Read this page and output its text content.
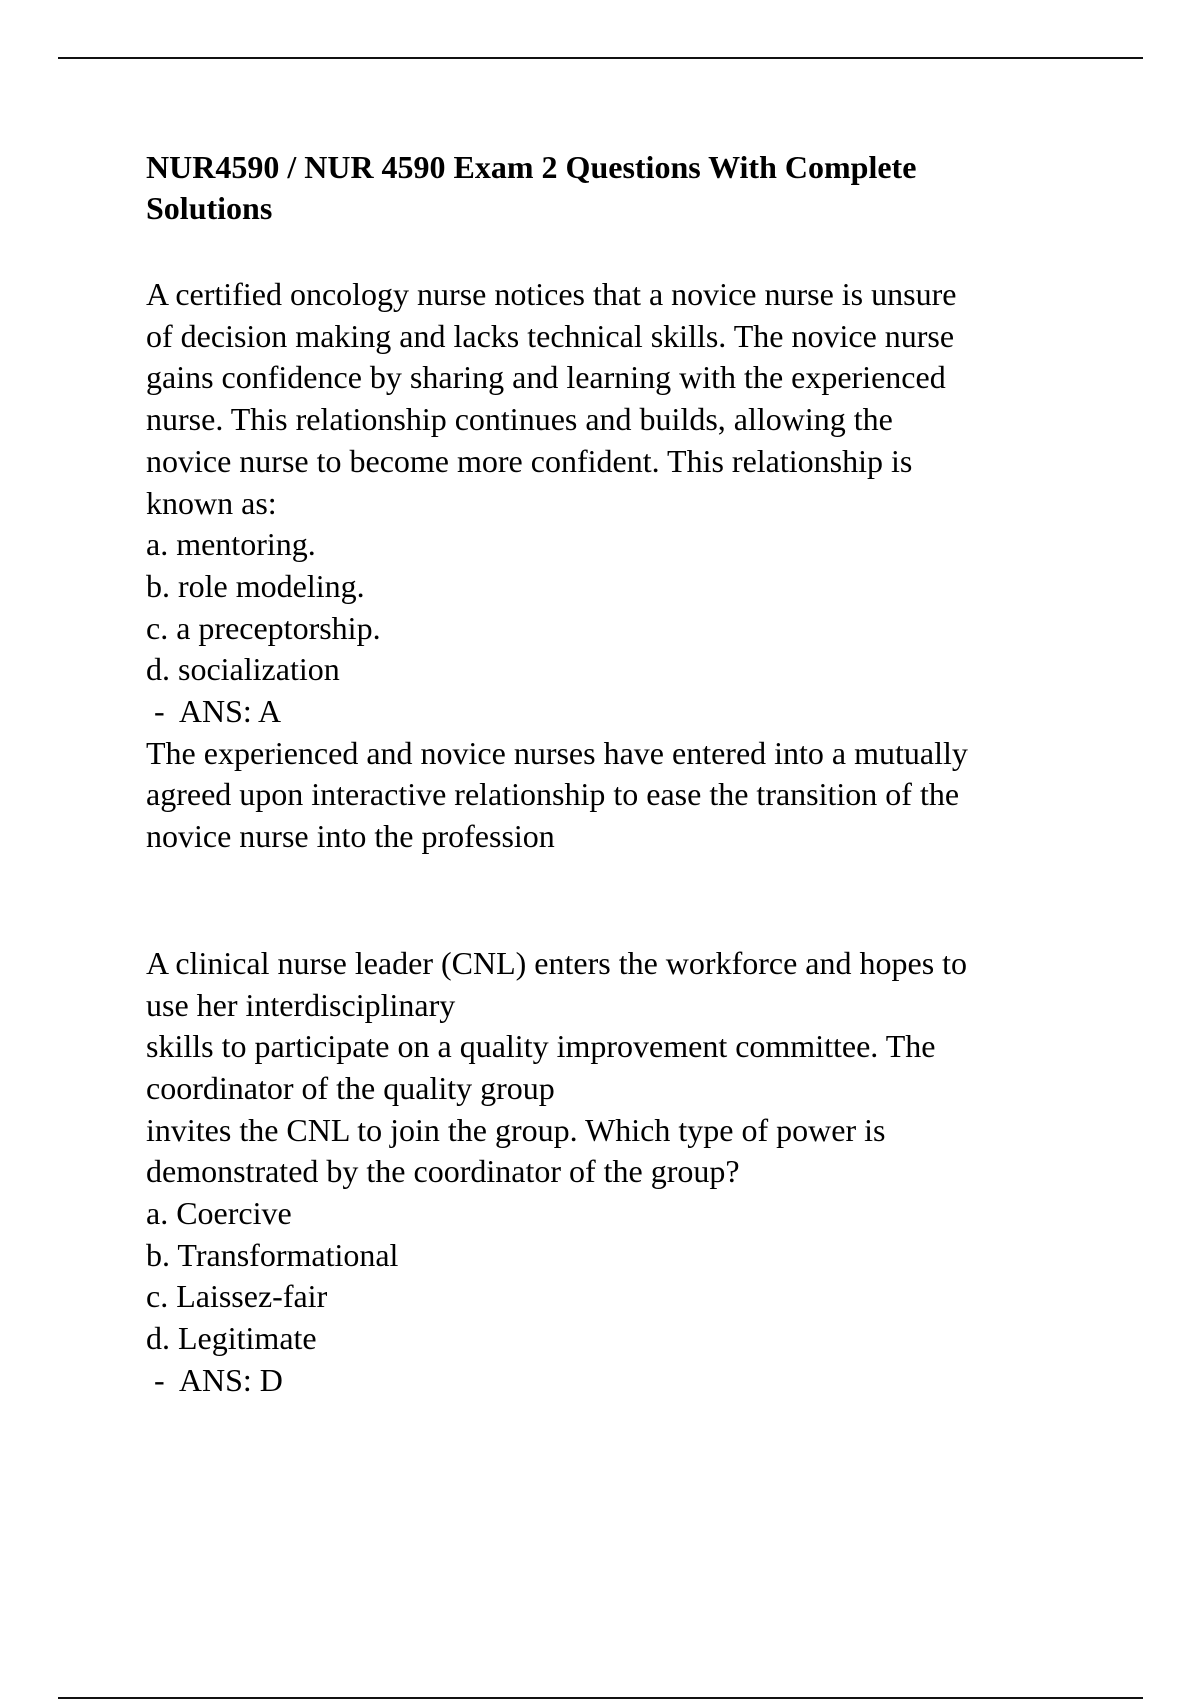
NUR4590 / NUR 4590 Exam 2 Questions With Complete
Solutions
A certified oncology nurse notices that a novice nurse is unsure
of decision making and lacks technical skills. The novice nurse
gains confidence by sharing and learning with the experienced
nurse. This relationship continues and builds, allowing the
novice nurse to become more confident. This relationship is
known as:
a. mentoring.
b. role modeling.
c. a preceptorship.
d. socialization
-  ANS: A
The experienced and novice nurses have entered into a mutually
agreed upon interactive relationship to ease the transition of the
novice nurse into the profession
A clinical nurse leader (CNL) enters the workforce and hopes to
use her interdisciplinary
skills to participate on a quality improvement committee. The
coordinator of the quality group
invites the CNL to join the group. Which type of power is
demonstrated by the coordinator of the group?
a. Coercive
b. Transformational
c. Laissez-fair
d. Legitimate
-  ANS: D
